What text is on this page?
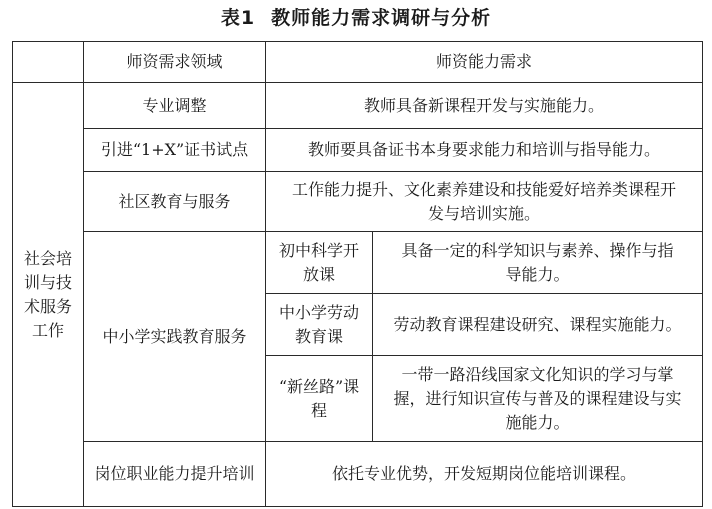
表1 教师能力需求调研与分析
	师资需求领域	师资能力需求	
社会培训与技术服务工作	专业调整	教师具备新课程开发与实施能力。	
	引进“1+X”证书试点	教师要具备证书本身要求能力和培训与指导能力。	
	社区教育与服务	工作能力提升、文化素养建设和技能爱好培养类课程开发与培训实施。	
	中小学实践教育服务	初中科学开放课	具备一定的科学知识与素养、操作与指导能力。
		中小学劳动教育课	劳动教育课程建设研究、课程实施能力。
		“新丝路”课程	一带一路沿线国家文化知识的学习与掌握，进行知识宣传与普及的课程建设与实施能力。
	岗位职业能力提升培训	依托专业优势，开发短期岗位能培训课程。	
